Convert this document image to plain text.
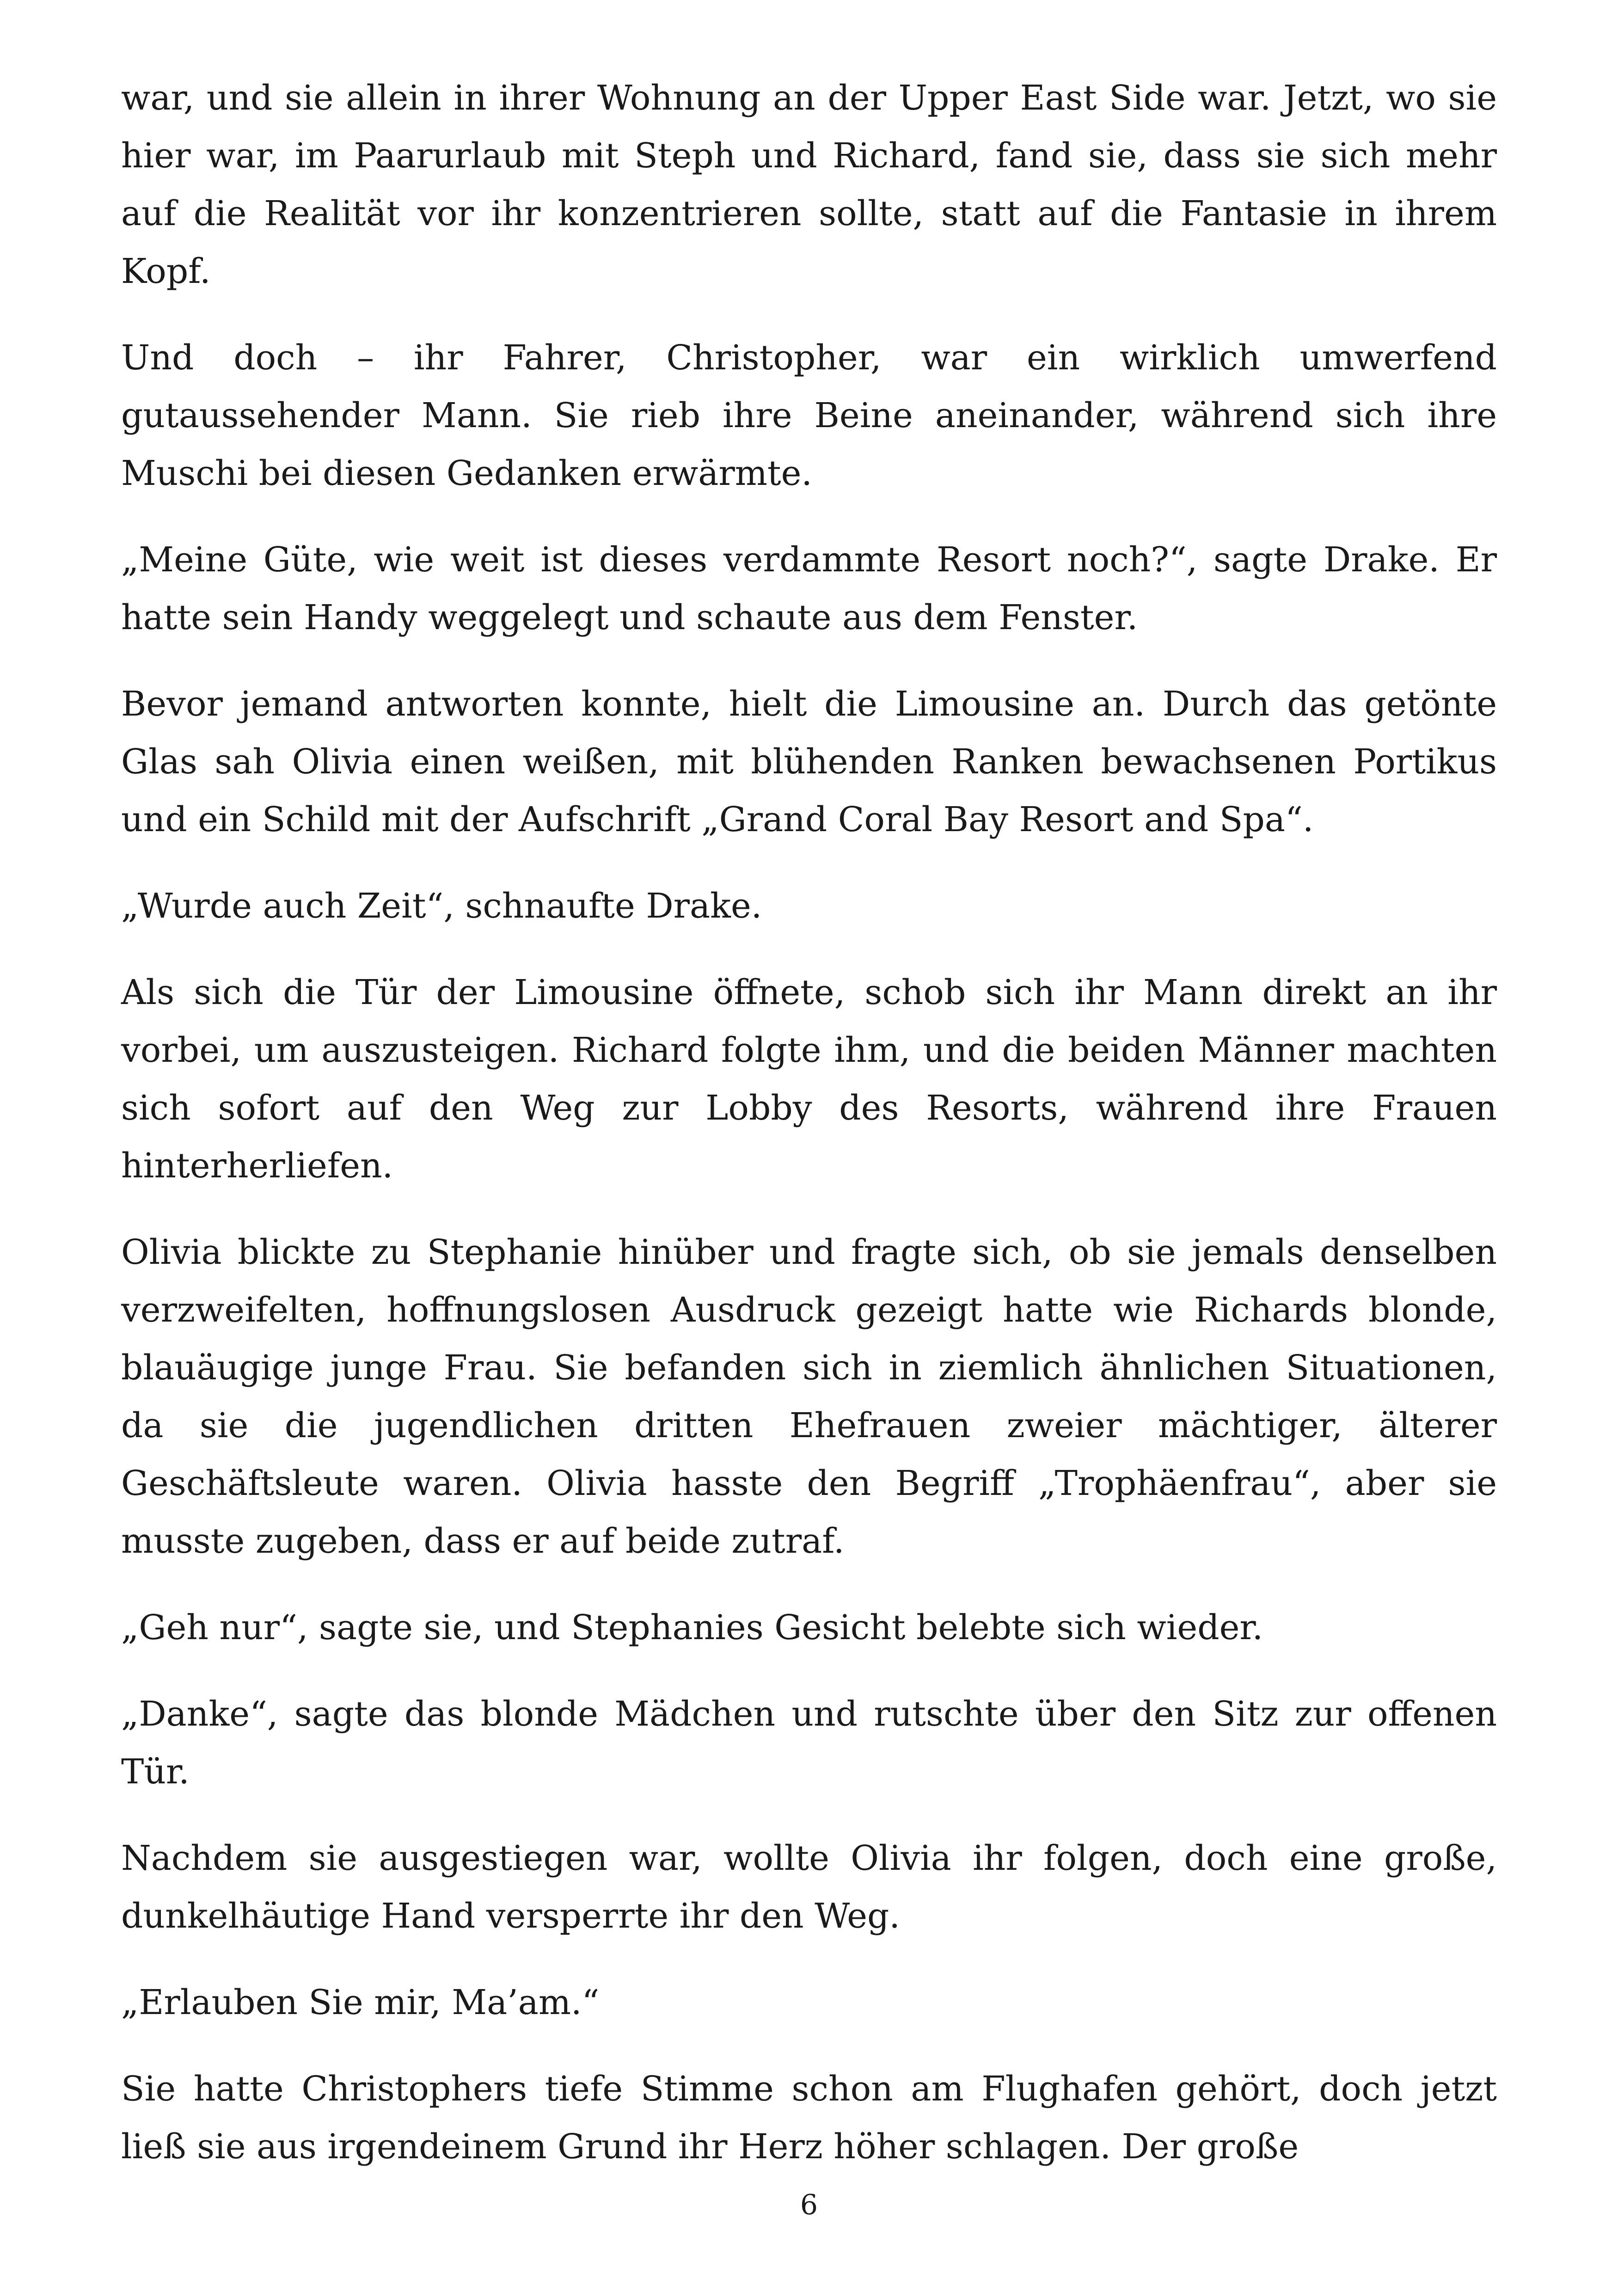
war, und sie allein in ihrer Wohnung an der Upper East Side war. Jetzt, wo sie hier war, im Paarurlaub mit Steph und Richard, fand sie, dass sie sich mehr auf die Realität vor ihr konzentrieren sollte, statt auf die Fantasie in ihrem Kopf.

Und doch – ihr Fahrer, Christopher, war ein wirklich umwerfend gutaussehender Mann. Sie rieb ihre Beine aneinander, während sich ihre Muschi bei diesen Gedanken erwärmte.

„Meine Güte, wie weit ist dieses verdammte Resort noch?“, sagte Drake. Er hatte sein Handy weggelegt und schaute aus dem Fenster.

Bevor jemand antworten konnte, hielt die Limousine an. Durch das getönte Glas sah Olivia einen weißen, mit blühenden Ranken bewachsenen Portikus und ein Schild mit der Aufschrift „Grand Coral Bay Resort and Spa“.

„Wurde auch Zeit“, schnaufte Drake.

Als sich die Tür der Limousine öffnete, schob sich ihr Mann direkt an ihr vorbei, um auszusteigen. Richard folgte ihm, und die beiden Männer machten sich sofort auf den Weg zur Lobby des Resorts, während ihre Frauen hinterherliefen.

Olivia blickte zu Stephanie hinüber und fragte sich, ob sie jemals denselben verzweifelten, hoffnungslosen Ausdruck gezeigt hatte wie Richards blonde, blauäugige junge Frau. Sie befanden sich in ziemlich ähnlichen Situationen, da sie die jugendlichen dritten Ehefrauen zweier mächtiger, älterer Geschäftsleute waren. Olivia hasste den Begriff „Trophäenfrau“, aber sie musste zugeben, dass er auf beide zutraf.

„Geh nur“, sagte sie, und Stephanies Gesicht belebte sich wieder.

„Danke“, sagte das blonde Mädchen und rutschte über den Sitz zur offenen Tür.

Nachdem sie ausgestiegen war, wollte Olivia ihr folgen, doch eine große, dunkelhäutige Hand versperrte ihr den Weg.

„Erlauben Sie mir, Ma’am.“

Sie hatte Christophers tiefe Stimme schon am Flughafen gehört, doch jetzt ließ sie aus irgendeinem Grund ihr Herz höher schlagen. Der große

6
